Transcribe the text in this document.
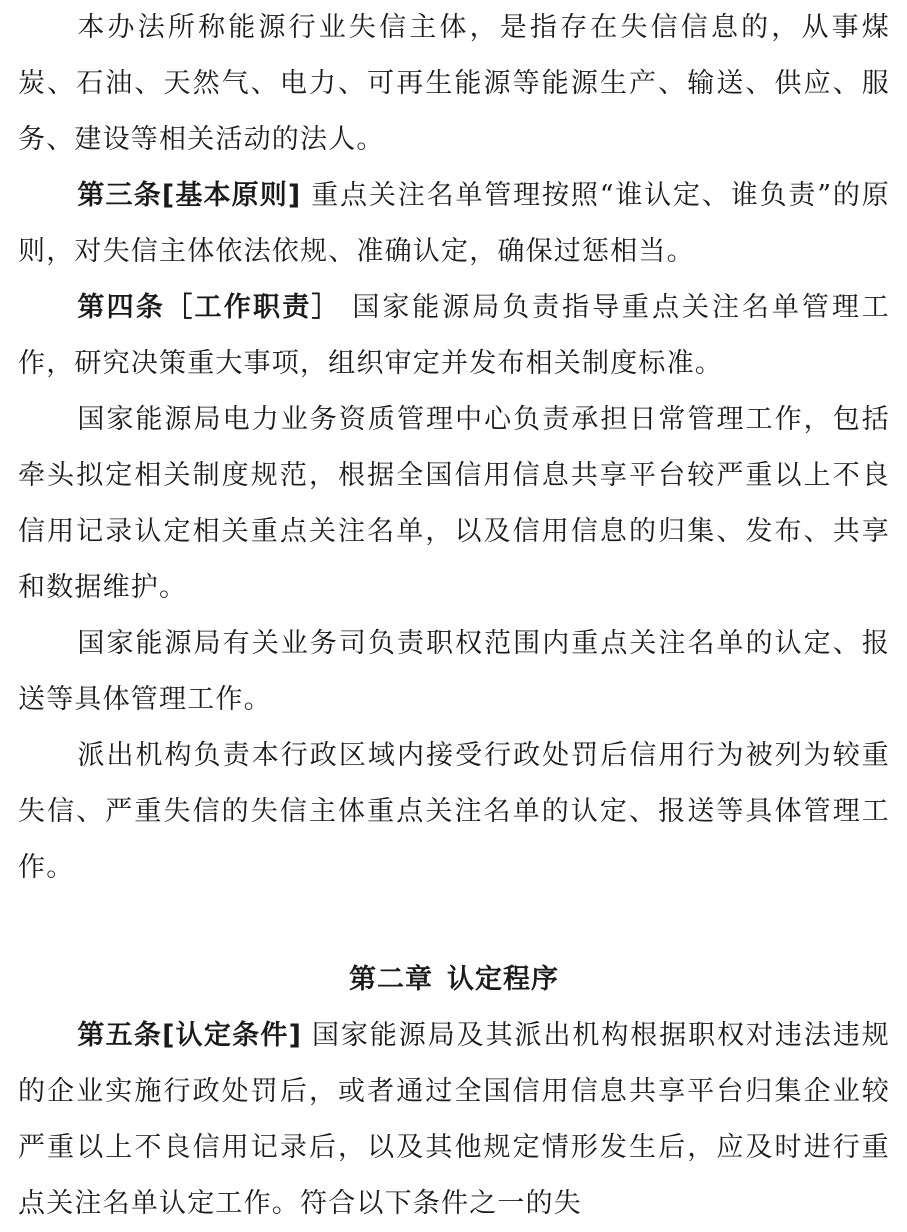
本办法所称能源行业失信主体，是指存在失信信息的，从事煤炭、石油、天然气、电力、可再生能源等能源生产、输送、供应、服务、建设等相关活动的法人。

第三条[基本原则] 重点关注名单管理按照“谁认定、谁负责”的原则，对失信主体依法依规、准确认定，确保过惩相当。

第四条［工作职责］ 国家能源局负责指导重点关注名单管理工作，研究决策重大事项，组织审定并发布相关制度标准。

国家能源局电力业务资质管理中心负责承担日常管理工作，包括牵头拟定相关制度规范，根据全国信用信息共享平台较严重以上不良信用记录认定相关重点关注名单，以及信用信息的归集、发布、共享和数据维护。

国家能源局有关业务司负责职权范围内重点关注名单的认定、报送等具体管理工作。

派出机构负责本行政区域内接受行政处罚后信用行为被列为较重失信、严重失信的失信主体重点关注名单的认定、报送等具体管理工作。

第二章 认定程序

第五条[认定条件] 国家能源局及其派出机构根据职权对违法违规的企业实施行政处罚后，或者通过全国信用信息共享平台归集企业较严重以上不良信用记录后，以及其他规定情形发生后，应及时进行重点关注名单认定工作。符合以下条件之一的失
